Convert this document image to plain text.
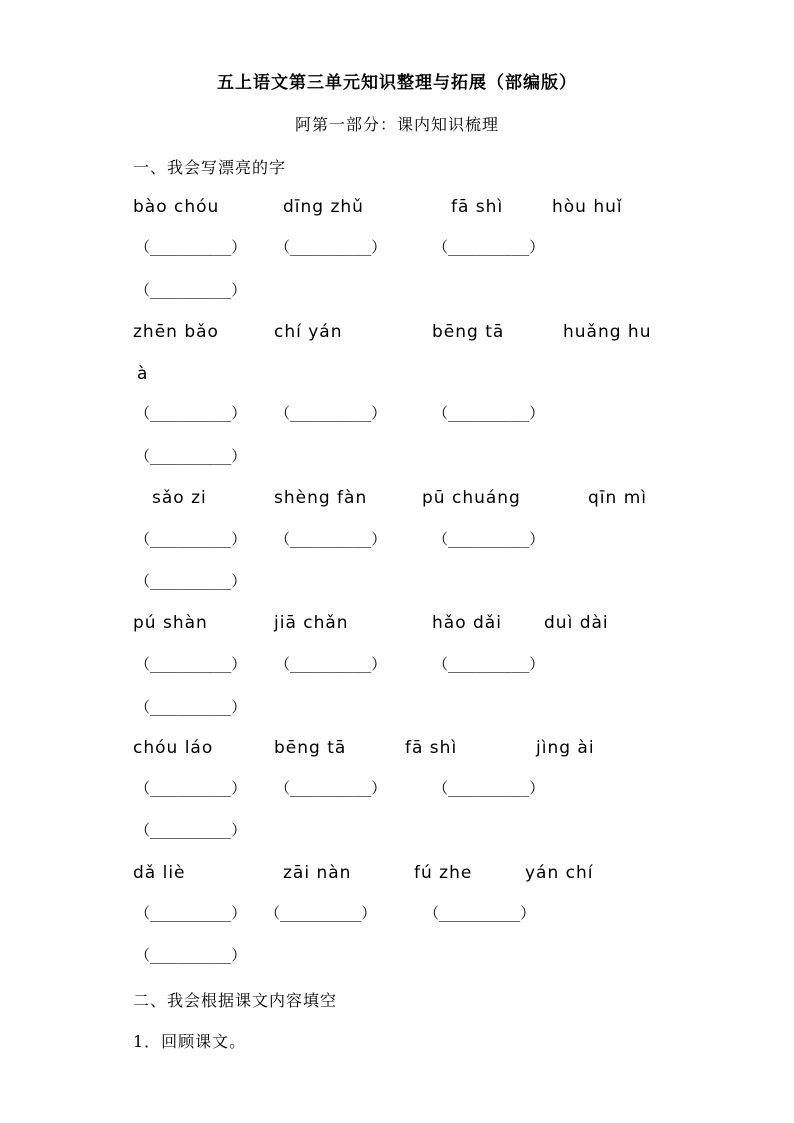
五上语文第三单元知识整理与拓展（部编版）
阿第一部分：课内知识梳理
一、我会写漂亮的字
bào chóu	dīng zhǔ	fā shì	hòu huǐ
（_________） （_________）	（_________）
（_________）
zhēn bǎo	chí yán	bēng tā	huǎng hu
à
（_________） （_________）	（_________）
（_________）
sǎo zi	shèng fàn	pū chuáng	qīn mì
（_________） （_________）	（_________）
（_________）
pú shàn	jiā chǎn	hǎo dǎi duì dài
（_________） （_________）	（_________）
（_________）
chóu láo	bēng tā	fā shì	jìng ài
（_________） （_________）	（_________）
（_________）
dǎ liè	zāi nàn	fú zhe	yán chí
（_________） （_________）	（_________）
（_________）
二、我会根据课文内容填空
1．回顾课文。
